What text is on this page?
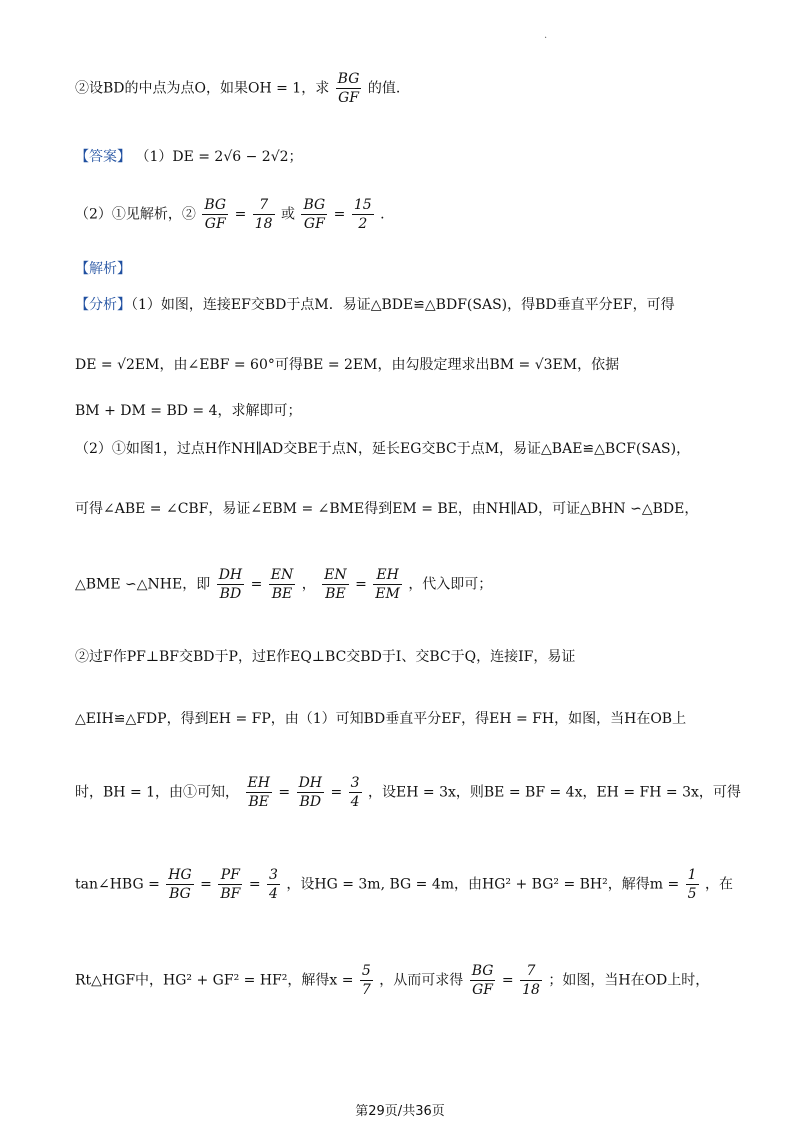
.
②设BD的中点为点O，如果OH = 1，求 $\frac{BG}{GF}$ 的值.
【答案】 （1）DE = 2√6 − 2√2；
（2）①见解析，② $\frac{BG}{GF} = \frac{7}{18}$ 或 $\frac{BG}{GF} = \frac{15}{2}$ .
【解析】
【分析】（1）如图，连接EF交BD于点M．易证△BDE≌△BDF(SAS)，得BD垂直平分EF，可得
DE = √2EM，由∠EBF = 60°可得BE = 2EM，由勾股定理求出BM = √3EM，依据
BM + DM = BD = 4，求解即可；
（2）①如图1，过点H作NH∥AD交BE于点N，延长EG交BC于点M，易证△BAE≌△BCF(SAS)，
可得∠ABE = ∠CBF，易证∠EBM = ∠BME得到EM = BE，由NH∥AD，可证△BHN ∽△BDE，
△BME ∽△NHE，即 $\frac{DH}{BD} = \frac{EN}{BE}$ ， $\frac{EN}{BE} = \frac{EH}{EM}$ ，代入即可；
②过F作PF⊥BF交BD于P，过E作EQ⊥BC交BD于I、交BC于Q，连接IF，易证
△EIH≌△FDP，得到EH = FP，由（1）可知BD垂直平分EF，得EH = FH，如图，当H在OB上
时，BH = 1，由①可知， $\frac{EH}{BE} = \frac{DH}{BD} = \frac{3}{4}$ ，设EH = 3x，则BE = BF = 4x，EH = FH = 3x，可得
tan∠HBG = $\frac{HG}{BG} = \frac{PF}{BF} = \frac{3}{4}$ ，设HG = 3m, BG = 4m，由HG² + BG² = BH²，解得$m = \frac{1}{5}$ ，在
Rt△HGF中，HG² + GF² = HF²，解得$x = \frac{5}{7}$ ，从而可求得 $\frac{BG}{GF} = \frac{7}{18}$ ；如图，当H在OD上时，
第29页/共36页
